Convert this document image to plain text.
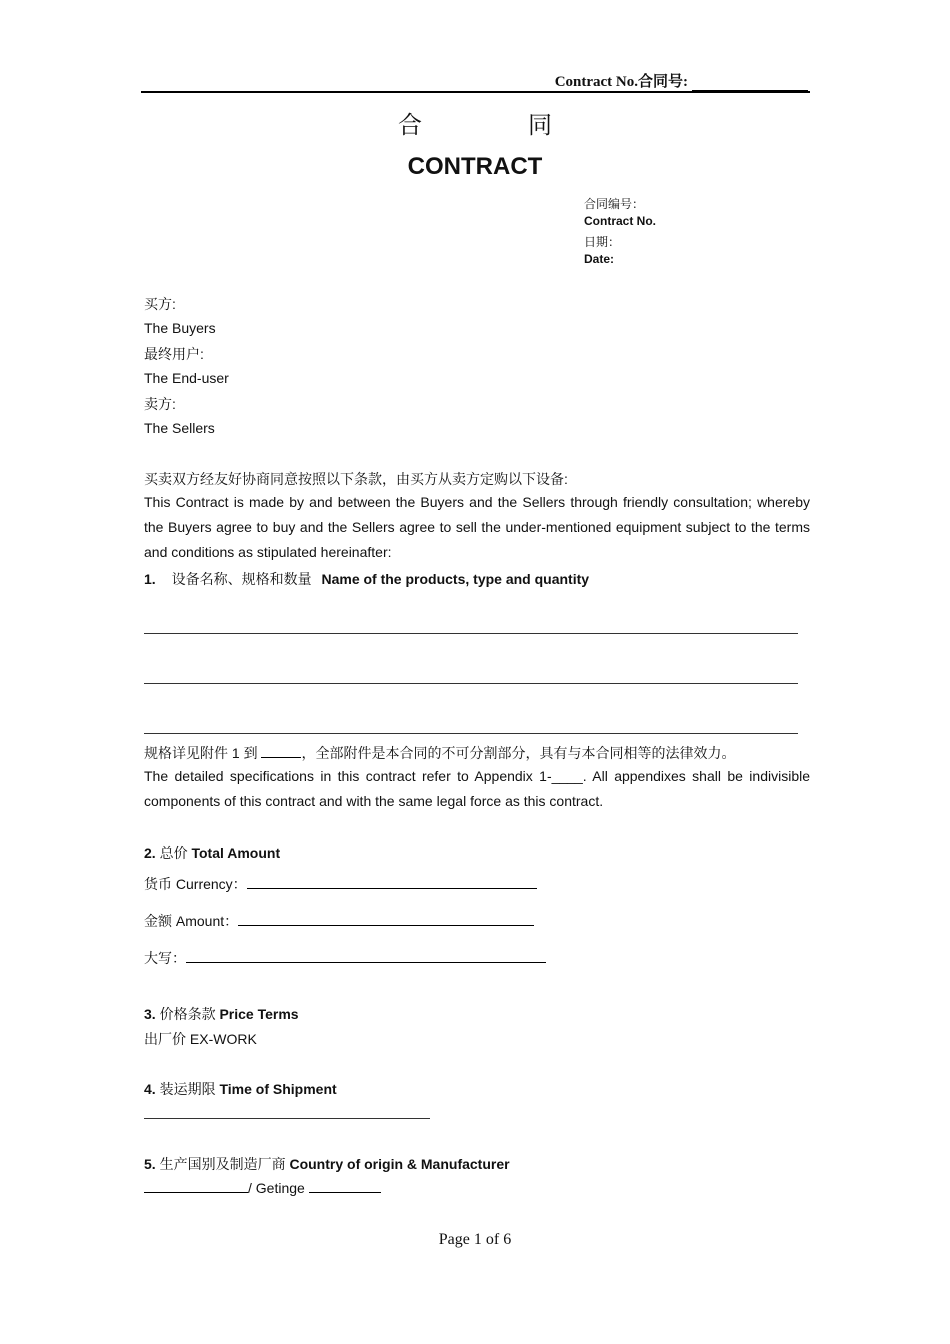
Contract No.合同号:
合 同
CONTRACT
合同编号：
Contract No.
日期：
Date:
买方:
The Buyers
最终用户:
The End-user
卖方:
The Sellers
买卖双方经友好协商同意按照以下条款，由买方从卖方定购以下设备:
This Contract is made by and between the Buyers and the Sellers through friendly consultation; whereby the Buyers agree to buy and the Sellers agree to sell the under-mentioned equipment subject to the terms and conditions as stipulated hereinafter:
1. 设备名称、规格和数量 Name of the products, type and quantity
规格详见附件 1 到	，全部附件是本合同的不可分割部分，具有与本合同相等的法律效力。
The detailed specifications in this contract refer to Appendix 1-____. All appendixes shall be indivisible components of this contract and with the same legal force as this contract.
2. 总价 Total Amount
货币 Currency：
金额 Amount：
大写：
3. 价格条款 Price Terms
出厂价 EX-WORK
4. 装运期限 Time of Shipment
5. 生产国别及制造厂商 Country of origin & Manufacturer
/ Getinge
Page 1 of 6
